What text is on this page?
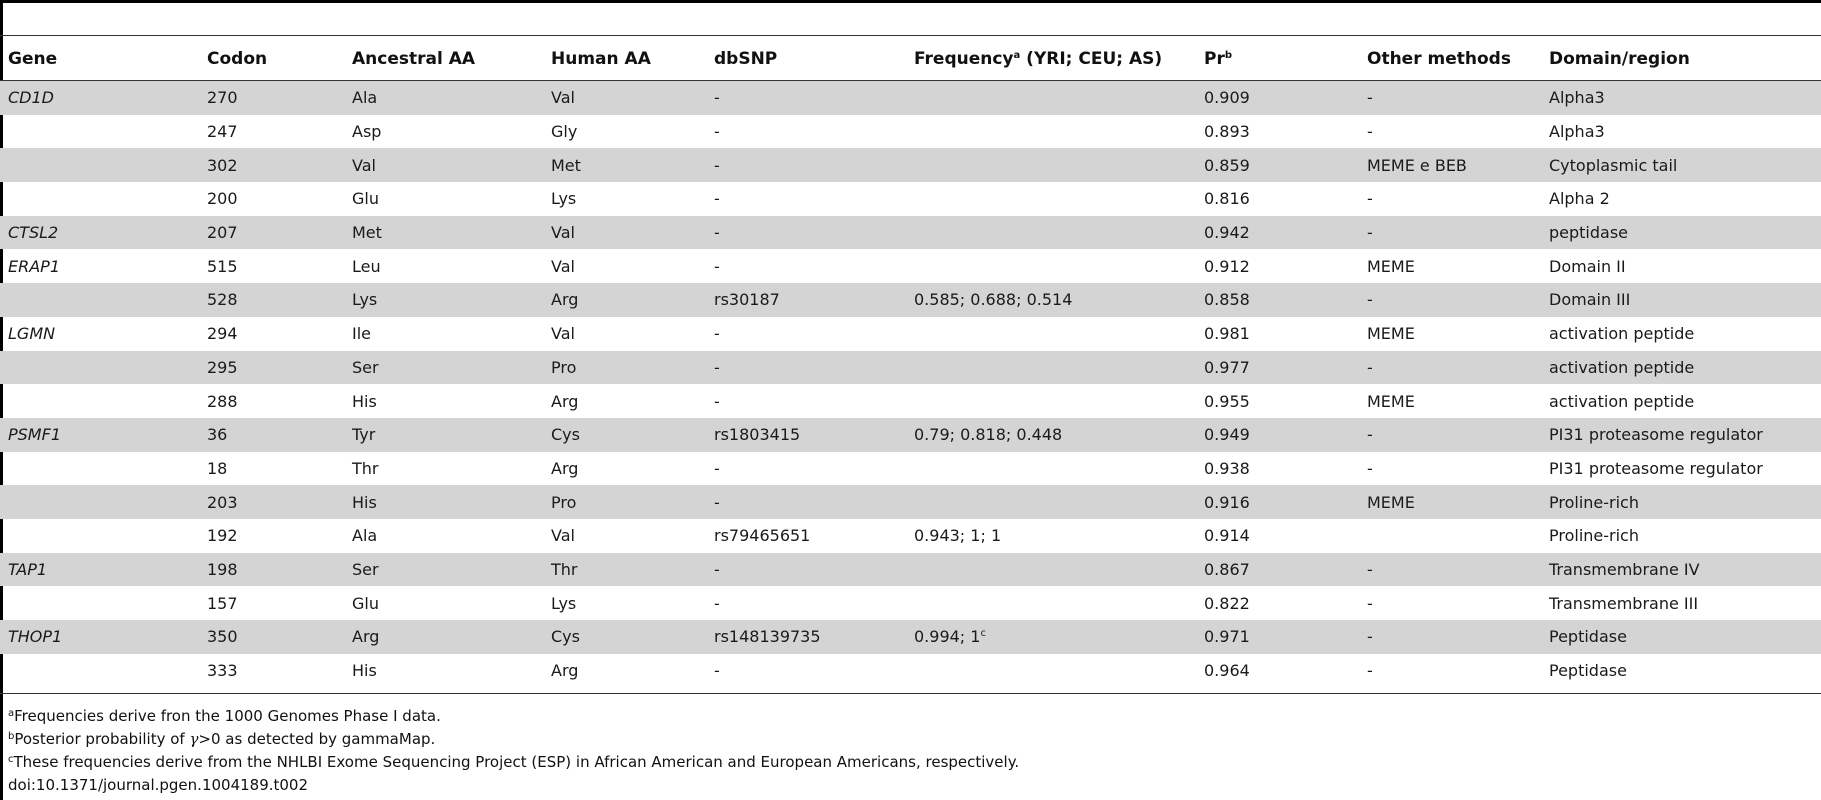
Gene	Codon	Ancestral AA	Human AA	dbSNP	Frequency$^a$ (YRI; CEU; AS)	Pr$^b$	Other methods	Domain/region
CD1D	270	Ala	Val	-		0.909	-	Alpha3
	247	Asp	Gly	-		0.893	-	Alpha3
	302	Val	Met	-		0.859	MEME e BEB	Cytoplasmic tail
	200	Glu	Lys	-		0.816	-	Alpha 2
CTSL2	207	Met	Val	-		0.942	-	peptidase
ERAP1	515	Leu	Val	-		0.912	MEME	Domain II
	528	Lys	Arg	rs30187	0.585; 0.688; 0.514	0.858	-	Domain III
LGMN	294	Ile	Val	-		0.981	MEME	activation peptide
	295	Ser	Pro	-		0.977	-	activation peptide
	288	His	Arg	-		0.955	MEME	activation peptide
PSMF1	36	Tyr	Cys	rs1803415	0.79; 0.818; 0.448	0.949	-	PI31 proteasome regulator
	18	Thr	Arg	-		0.938	-	PI31 proteasome regulator
	203	His	Pro	-		0.916	MEME	Proline-rich
	192	Ala	Val	rs79465651	0.943; 1; 1	0.914		Proline-rich
TAP1	198	Ser	Thr	-		0.867	-	Transmembrane IV
	157	Glu	Lys	-		0.822	-	Transmembrane III
THOP1	350	Arg	Cys	rs148139735	0.994; 1$^c$	0.971	-	Peptidase
	333	His	Arg	-		0.964	-	Peptidase
$^a$Frequencies derive fron the 1000 Genomes Phase I data.
$^b$Posterior probability of γ>0 as detected by gammaMap.
$^c$These frequencies derive from the NHLBI Exome Sequencing Project (ESP) in African American and European Americans, respectively.
doi:10.1371/journal.pgen.1004189.t002
